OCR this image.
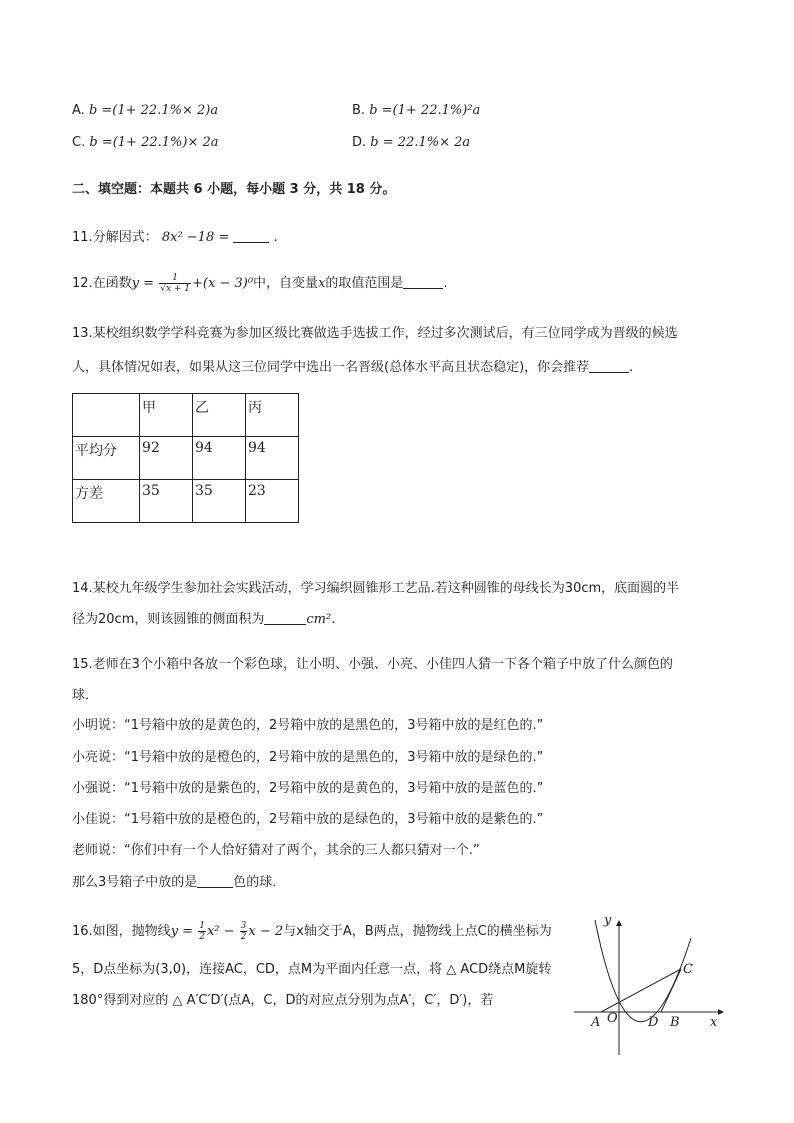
A. b =(1+ 22.1%× 2)a	B. b =(1+ 22.1%)²a
C. b =(1+ 22.1%)× 2a	D. b = 22.1%× 2a
二、填空题：本题共 6 小题，每小题 3 分，共 18 分。
11.分解因式： 8x² −18 =	.
12.在函数$y = \frac{1}{√x + 1} +(x - 3)^0$中，自变量x的取值范围是	.
13.某校组织数学学科竞赛为参加区级比赛做选手选拔工作，经过多次测试后，有三位同学成为晋级的候选
人，具体情况如表，如果从这三位同学中选出一名晋级(总体水平高且状态稳定)，你会推荐	.
	甲	乙	丙
平均分	92	94	94
方差	35	35	23
14.某校九年级学生参加社会实践活动，学习编织圆锥形工艺品.若这种圆锥的母线长为30cm，底面圆的半
径为20cm，则该圆锥的侧面积为	cm².
15.老师在3个小箱中各放一个彩色球，让小明、小强、小亮、小佳四人猜一下各个箱子中放了什么颜色的
球．
小明说：“1号箱中放的是黄色的，2号箱中放的是黑色的，3号箱中放的是红色的.”
小亮说：“1号箱中放的是橙色的，2号箱中放的是黑色的，3号箱中放的是绿色的.”
小强说：“1号箱中放的是紫色的，2号箱中放的是黄色的，3号箱中放的是蓝色的.”
小佳说：“1号箱中放的是橙色的，2号箱中放的是绿色的，3号箱中放的是紫色的.”
老师说：“你们中有一个人恰好猜对了两个，其余的三人都只猜对一个.”
那么3号箱子中放的是	色的球．
16.如图，抛物线$y = \frac{1}{2} x^2 - \frac{3}{2}$ x − 2与x轴交于A，B两点，抛物线上点C的横坐标为
5，D点坐标为(3,0)，连接AC，CD，点M为平面内任意一点，将 △ ACD绕点M旋转
180°得到对应的 △ A′C′D′(点A，C，D的对应点分别为点A′，C′，D′)，若
y
x
C
A O D B
